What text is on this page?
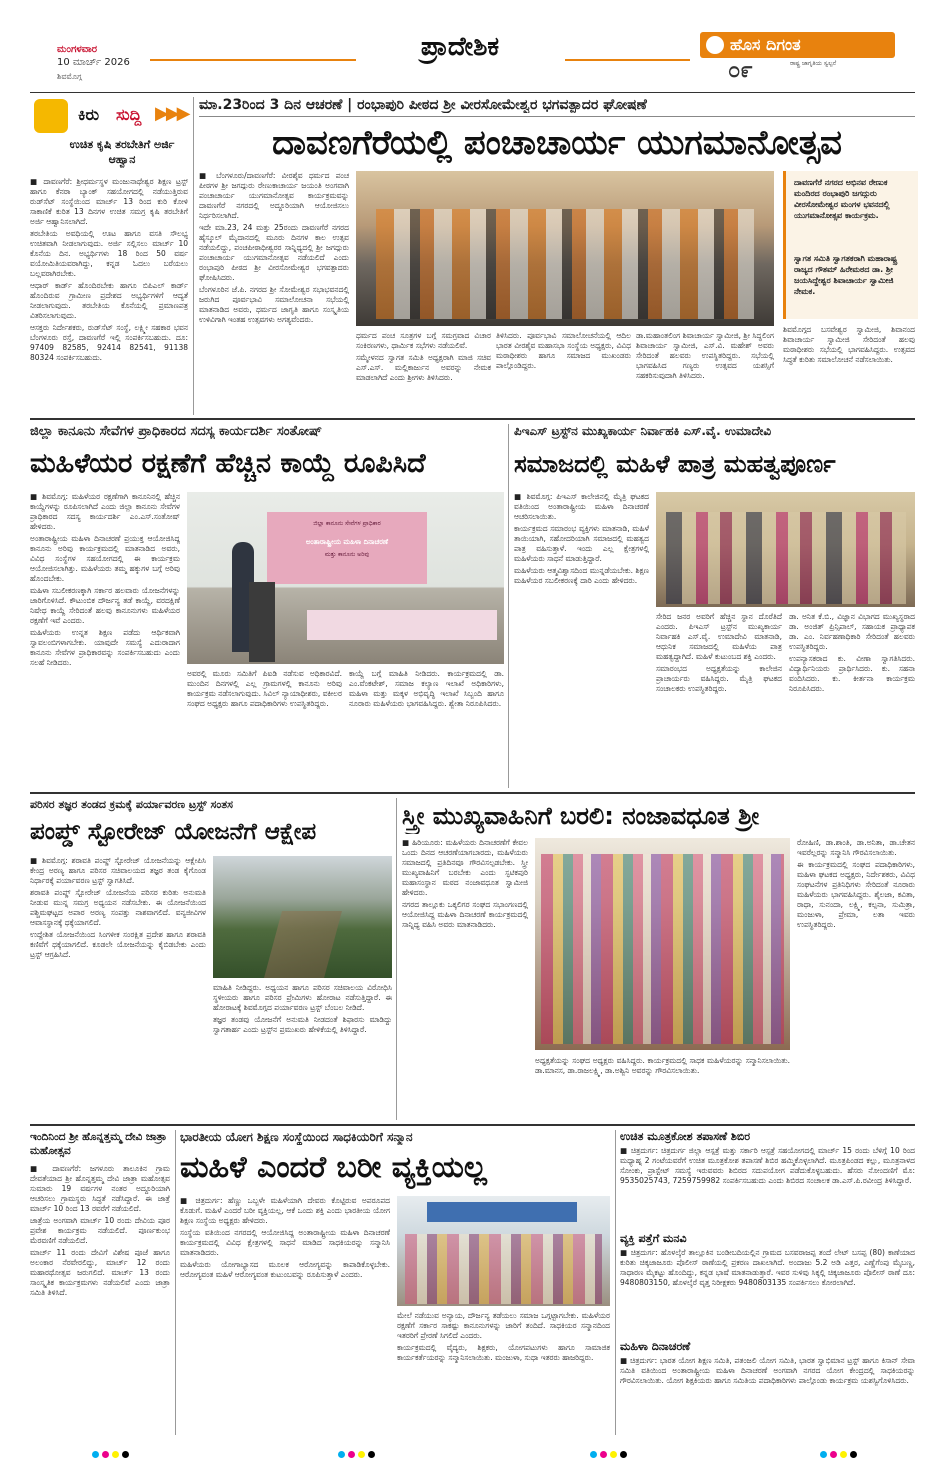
ಮಂಗಳವಾರ
10 ಮಾರ್ಚ್ 2026
ಶಿವಮೊಗ್ಗ
ಪ್ರಾದೇಶಿಕ	ಹೊಸ ದಿಗಂತ
ರಾಷ್ಟ್ರ ಜಾಗೃತಿಯ ಸ್ವಲ್ಪನೆ
೦೯
ಕಿರು ಸುದ್ದಿ ▶▶▶
ಉಚಿತ ಕೃಷಿ ತರಬೇತಿಗೆ ಅರ್ಜಿ ಆಹ್ವಾನ

■ ದಾವಣಗೆರೆ: ಶ್ರೀಧರ್ಮಸ್ಥಳ ಮಂಜುನಾಥೇಶ್ವರ ಶಿಕ್ಷಣ ಟ್ರಸ್ಟ್ ಹಾಗೂ ಕೆನರಾ ಬ್ಯಾಂಕ್ ಸಹಯೋಗದಲ್ಲಿ ನಡೆಯುತ್ತಿರುವ ರುಡ್‌ಸೆಟ್ ಸಂಸ್ಥೆಯಿಂದ ಮಾರ್ಚ್ 13 ರಿಂದ ಕುರಿ ಕೋಳಿ ಸಾಕಾಣಿಕೆ ಕುರಿತ 13 ದಿನಗಳ ಉಚಿತ ಸಮಗ್ರ ಕೃಷಿ ತರಬೇತಿಗೆ ಅರ್ಜಿ ಆಹ್ವಾನಿಸಲಾಗಿದೆ.

ತರಬೇತಿಯ ಅವಧಿಯಲ್ಲಿ ಊಟ ಹಾಗೂ ವಸತಿ ಸೌಲಭ್ಯ ಉಚಿತವಾಗಿ ನೀಡಲಾಗುವುದು. ಅರ್ಜಿ ಸಲ್ಲಿಸಲು ಮಾರ್ಚ್ 10 ಕೊನೆಯ ದಿನ. ಅಭ್ಯರ್ಥಿಗಳು 18 ರಿಂದ 50 ವರ್ಷ ವಯೋಮಿತಿಯವರಾಗಿದ್ದು, ಕನ್ನಡ ಓದಲು ಬರೆಯಲು ಬಲ್ಲವರಾಗಿರಬೇಕು.

ಆಧಾರ್ ಕಾರ್ಡ್ ಹೊಂದಿರಬೇಕು ಹಾಗೂ ಬಿಪಿಎಲ್ ಕಾರ್ಡ್ ಹೊಂದಿರುವ ಗ್ರಾಮೀಣ ಪ್ರದೇಶದ ಅಭ್ಯರ್ಥಿಗಳಿಗೆ ಆದ್ಯತೆ ನೀಡಲಾಗುವುದು. ತರಬೇತಿಯ ಕೊನೆಯಲ್ಲಿ ಪ್ರಮಾಣಪತ್ರ ವಿತರಿಸಲಾಗುವುದು.

ಆಸಕ್ತರು ನಿರ್ದೇಶಕರು, ರುಡ್‌ಸೆಟ್ ಸಂಸ್ಥೆ, ಲಕ್ಷ್ಮೀ ಸಹಕಾರ ಭವನ ಬೆಂಗಳೂರು ರಸ್ತೆ, ದಾವಣಗೆರೆ ಇಲ್ಲಿ ಸಂಪರ್ಕಿಸಬಹುದು. ದೂ: 97409 82585, 92414 82541, 91138 80324 ಸಂಪರ್ಕಿಸಬಹುದು.

ಮಾ.23ರಿಂದ 3 ದಿನ ಆಚರಣೆ | ರಂಭಾಪುರಿ ಪೀಠದ ಶ್ರೀ ವೀರಸೋಮೇಶ್ವರ ಭಗವತ್ಪಾದರ ಘೋಷಣೆ
ದಾವಣಗೆರೆಯಲ್ಲಿ ಪಂಚಾಚಾರ್ಯ ಯುಗಮಾನೋತ್ಸವ

■ ಬೆಂಗಳೂರು/ದಾವಣಗೆರೆ: ವೀರಶೈವ ಧರ್ಮದ ಪಂಚ ಪೀಠಗಳ ಶ್ರೀ ಜಗದ್ಗುರು ರೇಣುಕಾಚಾರ್ಯ ಜಯಂತಿ ಅಂಗವಾಗಿ ಪಂಚಾಚಾರ್ಯ ಯುಗಮಾನೋತ್ಸವ ಕಾರ್ಯಕ್ರಮವನ್ನು ದಾವಣಗೆರೆ ನಗರದಲ್ಲಿ ಅದ್ದೂರಿಯಾಗಿ ಆಯೋಜಿಸಲು ನಿರ್ಧರಿಸಲಾಗಿದೆ.

ಇದೇ ಮಾ.23, 24 ಮತ್ತು 25ರಂದು ದಾವಣಗೆರೆ ನಗರದ ಹೈಸ್ಕೂಲ್ ಮೈದಾನದಲ್ಲಿ ಮೂರು ದಿನಗಳ ಕಾಲ ಉತ್ಸವ ನಡೆಯಲಿದ್ದು, ಪಂಚಪೀಠಾಧೀಶ್ವರರ ಸಾನ್ನಿಧ್ಯದಲ್ಲಿ ಶ್ರೀ ಜಗದ್ಗುರು ಪಂಚಾಚಾರ್ಯ ಯುಗಮಾನೋತ್ಸವ ನಡೆಯಲಿದೆ ಎಂದು ರಂಭಾಪುರಿ ಪೀಠದ ಶ್ರೀ ವೀರಸೋಮೇಶ್ವರ ಭಗವತ್ಪಾದರು ಘೋಷಿಸಿದರು.

ಬೆಂಗಳೂರಿನ ಜೆ.ಪಿ. ನಗರದ ಶ್ರೀ ಸೋಮೇಶ್ವರ ಸಭಾಭವನದಲ್ಲಿ ಜರುಗಿದ ಪೂರ್ವಭಾವಿ ಸಮಾಲೋಚನಾ ಸಭೆಯಲ್ಲಿ ಮಾತನಾಡಿದ ಅವರು, ಧರ್ಮದ ಜಾಗೃತಿ ಹಾಗೂ ಸಂಸ್ಕೃತಿಯ ಉಳಿವಿಗಾಗಿ ಇಂತಹ ಉತ್ಸವಗಳು ಅಗತ್ಯವೆಂದರು.

ಧರ್ಮದ ಪಂಚ ಸೂತ್ರಗಳ ಬಗ್ಗೆ ಸಮಗ್ರವಾದ ವಿಚಾರ ಸಂಕಿರಣಗಳು, ಧಾರ್ಮಿಕ ಸಭೆಗಳು ನಡೆಯಲಿವೆ.

ಸಮ್ಮೇಳನದ ಸ್ವಾಗತ ಸಮಿತಿ ಅಧ್ಯಕ್ಷರಾಗಿ ಮಾಜಿ ಸಚಿವ ಎಸ್.ಎಸ್. ಮಲ್ಲಿಕಾರ್ಜುನ ಅವರನ್ನು ನೇಮಕ ಮಾಡಲಾಗಿದೆ ಎಂದು ಶ್ರೀಗಳು ತಿಳಿಸಿದರು.

ತಿಳಿಸಿದರು. ಪೂರ್ವಭಾವಿ ಸಮಾಲೋಚನೆಯಲ್ಲಿ ಆದಿಲ ಭಾರತ ವೀರಶೈವ ಮಹಾಸಭಾ ಸಂಸ್ಥೆಯ ಅಧ್ಯಕ್ಷರು, ವಿವಿಧ ಮಠಾಧೀಶರು ಹಾಗೂ ಸಮಾಜದ ಮುಖಂಡರು ಪಾಲ್ಗೊಂಡಿದ್ದರು.

ಡಾ.ಮಹಾಂತಲಿಂಗ ಶಿವಾಚಾರ್ಯ ಸ್ವಾಮೀಜಿ, ಶ್ರೀ ಸಿದ್ಧಲಿಂಗ ಶಿವಾಚಾರ್ಯ ಸ್ವಾಮೀಜಿ, ಎಸ್.ವಿ. ಮಹೇಶ್ ಅವರು ಸೇರಿದಂತೆ ಹಲವರು ಉಪಸ್ಥಿತರಿದ್ದರು. ಸಭೆಯಲ್ಲಿ ಭಾಗವಹಿಸಿದ ಗಣ್ಯರು ಉತ್ಸವದ ಯಶಸ್ಸಿಗೆ ಸಹಕರಿಸುವುದಾಗಿ ತಿಳಿಸಿದರು.

ದಾವಣಗೆರೆ ನಗರದ ಅಭಿನವ ರೇಣುಕ ಮಂದಿರದ ರಂಭಾಪುರಿ ಜಗದ್ಗುರು ವೀರಸೋಮೇಶ್ವರ ಮಂಗಳ ಭವನದಲ್ಲಿ ಯುಗಮಾನೋತ್ಸವ ಕಾರ್ಯಕ್ರಮ.
ಸ್ವಾಗತ ಸಮಿತಿ ಸ್ವಾಗತಕರಾಗಿ ಮಹಾರಾಷ್ಟ್ರ ರಾಜ್ಯದ ಗೌತಮ್ ಹಿರೇಮಠದ ಡಾ. ಶ್ರೀ ಜಯಸಿದ್ದೇಶ್ವರ ಶಿವಾಚಾರ್ಯ ಸ್ವಾಮೀಜಿ ನೇಮಕ.

ಶಿವಮೊಗ್ಗದ ಬಸವೇಶ್ವರ ಸ್ವಾಮೀಜಿ, ಶಿವಾನಂದ ಶಿವಾಚಾರ್ಯ ಸ್ವಾಮೀಜಿ ಸೇರಿದಂತೆ ಹಲವು ಮಠಾಧೀಶರು ಸಭೆಯಲ್ಲಿ ಭಾಗವಹಿಸಿದ್ದರು. ಉತ್ಸವದ ಸಿದ್ಧತೆ ಕುರಿತು ಸಮಾಲೋಚನೆ ನಡೆಸಲಾಯಿತು.

ಜಿಲ್ಲಾ ಕಾನೂನು ಸೇವೆಗಳ ಪ್ರಾಧಿಕಾರದ ಸದಸ್ಯ ಕಾರ್ಯದರ್ಶಿ ಸಂತೋಷ್
ಮಹಿಳೆಯರ ರಕ್ಷಣೆಗೆ ಹೆಚ್ಚಿನ ಕಾಯ್ದೆ ರೂಪಿಸಿದೆ

■ ಶಿವಮೊಗ್ಗ: ಮಹಿಳೆಯರ ರಕ್ಷಣೆಗಾಗಿ ಕಾನೂನಿನಲ್ಲಿ ಹೆಚ್ಚಿನ ಕಾಯ್ದೆಗಳನ್ನು ರೂಪಿಸಲಾಗಿದೆ ಎಂದು ಜಿಲ್ಲಾ ಕಾನೂನು ಸೇವೆಗಳ ಪ್ರಾಧಿಕಾರದ ಸದಸ್ಯ ಕಾರ್ಯದರ್ಶಿ ಎಂ.ಎಸ್.ಸಂತೋಷ್ ಹೇಳಿದರು.

ಅಂತಾರಾಷ್ಟ್ರೀಯ ಮಹಿಳಾ ದಿನಾಚರಣೆ ಪ್ರಯುಕ್ತ ಆಯೋಜಿಸಿದ್ದ ಕಾನೂನು ಅರಿವು ಕಾರ್ಯಕ್ರಮದಲ್ಲಿ ಮಾತನಾಡಿದ ಅವರು, ವಿವಿಧ ಸಂಸ್ಥೆಗಳ ಸಹಯೋಗದಲ್ಲಿ ಈ ಕಾರ್ಯಕ್ರಮ ಆಯೋಜಿಸಲಾಗಿತ್ತು. ಮಹಿಳೆಯರು ತಮ್ಮ ಹಕ್ಕುಗಳ ಬಗ್ಗೆ ಅರಿವು ಹೊಂದಬೇಕು.

ಮಹಿಳಾ ಸಬಲೀಕರಣಕ್ಕಾಗಿ ಸರ್ಕಾರ ಹಲವಾರು ಯೋಜನೆಗಳನ್ನು ಜಾರಿಗೊಳಿಸಿದೆ. ಕೌಟುಂಬಿಕ ದೌರ್ಜನ್ಯ ತಡೆ ಕಾಯ್ದೆ, ವರದಕ್ಷಿಣೆ ನಿಷೇಧ ಕಾಯ್ದೆ ಸೇರಿದಂತೆ ಹಲವು ಕಾನೂನುಗಳು ಮಹಿಳೆಯರ ರಕ್ಷಣೆಗೆ ಇವೆ ಎಂದರು.

ಮಹಿಳೆಯರು ಉನ್ನತ ಶಿಕ್ಷಣ ಪಡೆದು ಆರ್ಥಿಕವಾಗಿ ಸ್ವಾವಲಂಬಿಗಳಾಗಬೇಕು. ಯಾವುದೇ ಸಮಸ್ಯೆ ಎದುರಾದಾಗ ಕಾನೂನು ಸೇವೆಗಳ ಪ್ರಾಧಿಕಾರವನ್ನು ಸಂಪರ್ಕಿಸಬಹುದು ಎಂದು ಸಲಹೆ ನೀಡಿದರು.

ಜಿಲ್ಲಾ ಕಾನೂನು ಸೇವೆಗಳ ಪ್ರಾಧಿಕಾರ
ಅಂತಾರಾಷ್ಟ್ರೀಯ ಮಹಿಳಾ ದಿನಾಚರಣೆ
ಮತ್ತು ಕಾನೂನು ಅರಿವು

ಅವರಲ್ಲಿ ಮೂರು ಸಮಿತಿಗೆ ಪಿಐಡಿ ನಡೆಸುವ ಅಧಿಕಾರವಿದೆ. ಮುಂದಿನ ದಿನಗಳಲ್ಲಿ ಎಲ್ಲ ಗ್ರಾಮಗಳಲ್ಲಿ ಕಾನೂನು ಅರಿವು ಕಾರ್ಯಕ್ರಮ ನಡೆಸಲಾಗುವುದು. ಸಿವಿಲ್ ನ್ಯಾಯಾಧೀಶರು, ವಕೀಲರ ಸಂಘದ ಅಧ್ಯಕ್ಷರು ಹಾಗೂ ಪದಾಧಿಕಾರಿಗಳು ಉಪಸ್ಥಿತರಿದ್ದರು.

ಕಾಯ್ದೆ ಬಗ್ಗೆ ಮಾಹಿತಿ ನೀಡಿದರು. ಕಾರ್ಯಕ್ರಮದಲ್ಲಿ ಡಾ. ಎಂ.ವೆಂಕಟೇಶ್, ಸಮಾಜ ಕಲ್ಯಾಣ ಇಲಾಖೆ ಅಧಿಕಾರಿಗಳು, ಮಹಿಳಾ ಮತ್ತು ಮಕ್ಕಳ ಅಭಿವೃದ್ಧಿ ಇಲಾಖೆ ಸಿಬ್ಬಂದಿ ಹಾಗೂ ನೂರಾರು ಮಹಿಳೆಯರು ಭಾಗವಹಿಸಿದ್ದರು. ಶ್ವೇತಾ ನಿರೂಪಿಸಿದರು.

ಪಿಇಎಸ್ ಟ್ರಸ್ಟ್‌ನ ಮುಖ್ಯಕಾರ್ಯ ನಿರ್ವಾಹಕಿ ಎಸ್.ವೈ. ಉಮಾದೇವಿ
ಸಮಾಜದಲ್ಲಿ ಮಹಿಳೆ ಪಾತ್ರ ಮಹತ್ವಪೂರ್ಣ

■ ಶಿವಮೊಗ್ಗ: ಪಿಇಎಸ್ ಕಾಲೇಜಿನಲ್ಲಿ ಮೈತ್ರಿ ಘಟಕದ ವತಿಯಿಂದ ಅಂತಾರಾಷ್ಟ್ರೀಯ ಮಹಿಳಾ ದಿನಾಚರಣೆ ಆಚರಿಸಲಾಯಿತು.

ಕಾರ್ಯಕ್ರಮದ ಸಮಾರಂಭ ವ್ಯಕ್ತಿಗಳು ಮಾತನಾಡಿ, ಮಹಿಳೆ ತಾಯಿಯಾಗಿ, ಸಹೋದರಿಯಾಗಿ ಸಮಾಜದಲ್ಲಿ ಮಹತ್ವದ ಪಾತ್ರ ವಹಿಸುತ್ತಾಳೆ. ಇಂದು ಎಲ್ಲ ಕ್ಷೇತ್ರಗಳಲ್ಲಿ ಮಹಿಳೆಯರು ಸಾಧನೆ ಮಾಡುತ್ತಿದ್ದಾರೆ.

ಮಹಿಳೆಯರು ಆತ್ಮವಿಶ್ವಾಸದಿಂದ ಮುನ್ನಡೆಯಬೇಕು. ಶಿಕ್ಷಣ ಮಹಿಳೆಯರ ಸಬಲೀಕರಣಕ್ಕೆ ದಾರಿ ಎಂದು ಹೇಳಿದರು.

ಸೇರಿದ ಜನರ ಅವರಿಗೆ ಹೆಚ್ಚಿನ ಸ್ಥಾನ ದೊರೆತಿದೆ ಎಂದರು. ಪಿಇಎಸ್ ಟ್ರಸ್ಟ್‌ನ ಮುಖ್ಯಕಾರ್ಯ ನಿರ್ವಾಹಕಿ ಎಸ್.ವೈ. ಉಮಾದೇವಿ ಮಾತನಾಡಿ, ಆಧುನಿಕ ಸಮಾಜದಲ್ಲಿ ಮಹಿಳೆಯ ಪಾತ್ರ ಮಹತ್ವದ್ದಾಗಿದೆ. ಮಹಿಳೆ ಕುಟುಂಬದ ಶಕ್ತಿ ಎಂದರು.

ಸಮಾರಂಭದ ಅಧ್ಯಕ್ಷತೆಯನ್ನು ಕಾಲೇಜಿನ ಪ್ರಾಚಾರ್ಯರು ವಹಿಸಿದ್ದರು. ಮೈತ್ರಿ ಘಟಕದ ಸಂಚಾಲಕರು ಉಪಸ್ಥಿತರಿದ್ದರು.

ಡಾ. ಅನಿತ ಕೆ.ಬಿ., ವಿಜ್ಞಾನ ವಿಭಾಗದ ಮುಖ್ಯಸ್ಥರಾದ ಡಾ. ಅಂಜಿತ್ ಪ್ರಿನ್ಸಿಪಾಲ್, ಸಹಾಯಕ ಪ್ರಾಧ್ಯಾಪಕ ಡಾ. ಎಂ. ನಿರ್ವಹಣಾಧಿಕಾರಿ ಸೇರಿದಂತೆ ಹಲವರು ಉಪಸ್ಥಿತರಿದ್ದರು.

ಉಪನ್ಯಾಸಕರಾದ ಕು. ವೀಣಾ ಸ್ವಾಗತಿಸಿದರು. ವಿದ್ಯಾರ್ಥಿನಿಯರು ಪ್ರಾರ್ಥಿಸಿದರು. ಕು. ಸಹನಾ ವಂದಿಸಿದರು. ಕು. ಕೀರ್ತನಾ ಕಾರ್ಯಕ್ರಮ ನಿರೂಪಿಸಿದರು.

ಪರಿಸರ ತಜ್ಞರ ತಂಡದ ಕ್ರಮಕ್ಕೆ ಪರ್ಯಾವರಣ ಟ್ರಸ್ಟ್ ಸಂತಸ
ಪಂಪ್ಡ್ ಸ್ಟೋರೇಜ್ ಯೋಜನೆಗೆ ಆಕ್ಷೇಪ

■ ಶಿವಮೊಗ್ಗ: ಶರಾವತಿ ಪಂಪ್ಡ್ ಸ್ಟೋರೇಜ್ ಯೋಜನೆಯನ್ನು ಆಕ್ಷೇಪಿಸಿ ಕೇಂದ್ರ ಅರಣ್ಯ ಹಾಗೂ ಪರಿಸರ ಸಚಿವಾಲಯದ ತಜ್ಞರ ತಂಡ ಕೈಗೊಂಡ ನಿರ್ಧಾರಕ್ಕೆ ಪರ್ಯಾವರಣ ಟ್ರಸ್ಟ್ ಸ್ವಾಗತಿಸಿದೆ.

ಶರಾವತಿ ಪಂಪ್ಡ್ ಸ್ಟೋರೇಜ್ ಯೋಜನೆಯ ಪರಿಸರ ಕುರಿತು ಅನುಮತಿ ನೀಡುವ ಮುನ್ನ ಸಮಗ್ರ ಅಧ್ಯಯನ ನಡೆಸಬೇಕು. ಈ ಯೋಜನೆಯಿಂದ ಪಶ್ಚಿಮಘಟ್ಟದ ಅಪಾರ ಅರಣ್ಯ ಸಂಪತ್ತು ನಾಶವಾಗಲಿದೆ. ವನ್ಯಜೀವಿಗಳ ಆವಾಸಸ್ಥಾನಕ್ಕೆ ಧಕ್ಕೆಯಾಗಲಿದೆ.

ಉದ್ದೇಶಿತ ಯೋಜನೆಯಿಂದ ಸಿಂಗಳೀಕ ಸಂರಕ್ಷಿತ ಪ್ರದೇಶ ಹಾಗೂ ಶರಾವತಿ ಕಣಿವೆಗೆ ಧಕ್ಕೆಯಾಗಲಿದೆ. ಕೂಡಲೇ ಯೋಜನೆಯನ್ನು ಕೈಬಿಡಬೇಕು ಎಂದು ಟ್ರಸ್ಟ್ ಆಗ್ರಹಿಸಿದೆ.

ಮಾಹಿತಿ ನೀಡಿದ್ದರು. ಅಧ್ಯಯನ ಹಾಗೂ ಪರಿಸರ ಸಚಿವಾಲಯ ವಿರೋಧಿಸಿ ಸ್ಥಳೀಯರು ಹಾಗೂ ಪರಿಸರ ಪ್ರೇಮಿಗಳು ಹೋರಾಟ ನಡೆಸುತ್ತಿದ್ದಾರೆ. ಈ ಹೋರಾಟಕ್ಕೆ ಶಿವಮೊಗ್ಗದ ಪರ್ಯಾವರಣ ಟ್ರಸ್ಟ್ ಬೆಂಬಲ ನೀಡಿದೆ.

ತಜ್ಞರ ತಂಡವು ಯೋಜನೆಗೆ ಅನುಮತಿ ನೀಡದಂತೆ ಶಿಫಾರಸು ಮಾಡಿದ್ದು ಸ್ವಾಗತಾರ್ಹ ಎಂದು ಟ್ರಸ್ಟ್‌ನ ಪ್ರಮುಖರು ಹೇಳಿಕೆಯಲ್ಲಿ ತಿಳಿಸಿದ್ದಾರೆ.

ಸ್ತ್ರೀ ಮುಖ್ಯವಾಹಿನಿಗೆ ಬರಲಿ: ನಂಜಾವಧೂತ ಶ್ರೀ

■ ಹಿರಿಯೂರು: ಮಹಿಳೆಯರು ದಿನಾಚರಣೆಗೆ ಕೇವಲ ಒಂದು ದಿನದ ಆಚರಣೆಯಾಗಬಾರದು, ಮಹಿಳೆಯರು ಸಮಾಜದಲ್ಲಿ ಪ್ರತಿದಿನವೂ ಗೌರವಿಸಲ್ಪಡಬೇಕು. ಸ್ತ್ರೀ ಮುಖ್ಯವಾಹಿನಿಗೆ ಬರಬೇಕು ಎಂದು ಸ್ಫಟಿಕಪುರಿ ಮಹಾಸಂಸ್ಥಾನ ಮಠದ ನಂಜಾವಧೂತ ಸ್ವಾಮೀಜಿ ಹೇಳಿದರು.

ನಗರದ ತಾಲ್ಲೂಕು ಒಕ್ಕಲಿಗರ ಸಂಘದ ಸಭಾಂಗಣದಲ್ಲಿ ಆಯೋಜಿಸಿದ್ದ ಮಹಿಳಾ ದಿನಾಚರಣೆ ಕಾರ್ಯಕ್ರಮದಲ್ಲಿ ಸಾನ್ನಿಧ್ಯ ವಹಿಸಿ ಅವರು ಮಾತನಾಡಿದರು.

ಅಧ್ಯಕ್ಷತೆಯನ್ನು ಸಂಘದ ಅಧ್ಯಕ್ಷರು ವಹಿಸಿದ್ದರು. ಕಾರ್ಯಕ್ರಮದಲ್ಲಿ ಸಾಧಕ ಮಹಿಳೆಯರನ್ನು ಸನ್ಮಾನಿಸಲಾಯಿತು. ಡಾ.ಮಾನಸ, ಡಾ.ರಾಜಲಕ್ಷ್ಮಿ, ಡಾ.ಅಶ್ವಿನಿ ಅವರನ್ನು ಗೌರವಿಸಲಾಯಿತು.

ರೋಹಿಣಿ, ಡಾ.ಶಾಂತಿ, ಡಾ.ಅನಿತಾ, ಡಾ.ಚೇತನ ಇವರೆಲ್ಲರನ್ನು ಸನ್ಮಾನಿಸಿ ಗೌರವಿಸಲಾಯಿತು.

ಈ ಕಾರ್ಯಕ್ರಮದಲ್ಲಿ ಸಂಘದ ಪದಾಧಿಕಾರಿಗಳು, ಮಹಿಳಾ ಘಟಕದ ಅಧ್ಯಕ್ಷರು, ನಿರ್ದೇಶಕರು, ವಿವಿಧ ಸಂಘಟನೆಗಳ ಪ್ರತಿನಿಧಿಗಳು ಸೇರಿದಂತೆ ನೂರಾರು ಮಹಿಳೆಯರು ಭಾಗವಹಿಸಿದ್ದರು. ಶೈಲಜಾ, ಕವಿತಾ, ರಾಧಾ, ಸುನಂದಾ, ಲಕ್ಷ್ಮಿ, ಕಲ್ಪನಾ, ಸುಮಿತ್ರಾ, ಮಂಜುಳಾ, ಪ್ರೇಮಾ, ಲತಾ ಇವರು ಉಪಸ್ಥಿತರಿದ್ದರು.

ಇಂದಿನಿಂದ ಶ್ರೀ ಹೊನ್ನತ್ತಮ್ಮ ದೇವಿ ಜಾತ್ರಾ ಮಹೋತ್ಸವ

■ ದಾವಣಗೆರೆ: ಜಗಳೂರು ತಾಲೂಕಿನ ಗ್ರಾಮ ದೇವತೆಯಾದ ಶ್ರೀ ಹೊನ್ನತ್ತಮ್ಮ ದೇವಿ ಜಾತ್ರಾ ಮಹೋತ್ಸವ ಸುಮಾರು 19 ವರ್ಷಗಳ ನಂತರ ಅದ್ದೂರಿಯಾಗಿ ಆಚರಿಸಲು ಗ್ರಾಮಸ್ಥರು ಸಿದ್ಧತೆ ನಡೆಸಿದ್ದಾರೆ. ಈ ಜಾತ್ರೆ ಮಾರ್ಚ್ 10 ರಿಂದ 13 ರವರೆಗೆ ನಡೆಯಲಿದೆ.

ಜಾತ್ರೆಯ ಅಂಗವಾಗಿ ಮಾರ್ಚ್ 10 ರಂದು ದೇವಿಯ ಪೂರ ಪ್ರವೇಶ ಕಾರ್ಯಕ್ರಮ ನಡೆಯಲಿದೆ. ಪೂರ್ಣಕುಂಭ ಮೆರವಣಿಗೆ ನಡೆಯಲಿದೆ.

ಮಾರ್ಚ್ 11 ರಂದು ದೇವಿಗೆ ವಿಶೇಷ ಪೂಜೆ ಹಾಗೂ ಅಲಂಕಾರ ನೆರವೇರಲಿದ್ದು, ಮಾರ್ಚ್ 12 ರಂದು ಮಹಾರಥೋತ್ಸವ ಜರುಗಲಿದೆ. ಮಾರ್ಚ್ 13 ರಂದು ಸಾಂಸ್ಕೃತಿಕ ಕಾರ್ಯಕ್ರಮಗಳು ನಡೆಯಲಿವೆ ಎಂದು ಜಾತ್ರಾ ಸಮಿತಿ ತಿಳಿಸಿದೆ.

ಭಾರತೀಯ ಯೋಗ ಶಿಕ್ಷಣ ಸಂಸ್ಥೆಯಿಂದ ಸಾಧಕಿಯರಿಗೆ ಸನ್ಮಾನ
ಮಹಿಳೆ ಎಂದರೆ ಬರೀ ವ್ಯಕ್ತಿಯಲ್ಲ

■ ಚಿತ್ರದುರ್ಗ: ಹೆಣ್ಣು ಒಬ್ಬಳೇ ಮಹಿಳೆಯಾಗಿ ದೇವರು ಕೊಟ್ಟಿರುವ ಅಪರೂಪದ ಕೊಡುಗೆ. ಮಹಿಳೆ ಎಂದರೆ ಬರೀ ವ್ಯಕ್ತಿಯಲ್ಲ, ಆಕೆ ಒಂದು ಶಕ್ತಿ ಎಂದು ಭಾರತೀಯ ಯೋಗ ಶಿಕ್ಷಣ ಸಂಸ್ಥೆಯ ಅಧ್ಯಕ್ಷರು ಹೇಳಿದರು.

ಸಂಸ್ಥೆಯ ವತಿಯಿಂದ ನಗರದಲ್ಲಿ ಆಯೋಜಿಸಿದ್ದ ಅಂತಾರಾಷ್ಟ್ರೀಯ ಮಹಿಳಾ ದಿನಾಚರಣೆ ಕಾರ್ಯಕ್ರಮದಲ್ಲಿ ವಿವಿಧ ಕ್ಷೇತ್ರಗಳಲ್ಲಿ ಸಾಧನೆ ಮಾಡಿದ ಸಾಧಕಿಯರನ್ನು ಸನ್ಮಾನಿಸಿ ಮಾತನಾಡಿದರು.

ಮಹಿಳೆಯರು ಯೋಗಾಭ್ಯಾಸದ ಮೂಲಕ ಆರೋಗ್ಯವನ್ನು ಕಾಪಾಡಿಕೊಳ್ಳಬೇಕು. ಆರೋಗ್ಯವಂತ ಮಹಿಳೆ ಆರೋಗ್ಯವಂತ ಕುಟುಂಬವನ್ನು ರೂಪಿಸುತ್ತಾಳೆ ಎಂದರು.

ಮೇಲೆ ನಡೆಯುವ ಅನ್ಯಾಯ, ದೌರ್ಜನ್ಯ ತಡೆಯಲು ಸಮಾಜ ಒಗ್ಗಟ್ಟಾಗಬೇಕು. ಮಹಿಳೆಯರ ರಕ್ಷಣೆಗೆ ಸರ್ಕಾರ ಸಾಕಷ್ಟು ಕಾನೂನುಗಳನ್ನು ಜಾರಿಗೆ ತಂದಿದೆ. ಸಾಧಕಿಯರ ಸನ್ಮಾನದಿಂದ ಇತರರಿಗೆ ಪ್ರೇರಣೆ ಸಿಗಲಿದೆ ಎಂದರು.

ಕಾರ್ಯಕ್ರಮದಲ್ಲಿ ವೈದ್ಯರು, ಶಿಕ್ಷಕರು, ಯೋಗಪಟುಗಳು ಹಾಗೂ ಸಾಮಾಜಿಕ ಕಾರ್ಯಕರ್ತೆಯರನ್ನು ಸನ್ಮಾನಿಸಲಾಯಿತು. ಮಂಜುಳಾ, ಸುಧಾ ಇತರರು ಹಾಜರಿದ್ದರು.

ಉಚಿತ ಮೂತ್ರಕೋಶ ತಪಾಸಣೆ ಶಿಬಿರ
■ ಚಿತ್ರದುರ್ಗ: ಚಿತ್ರದುರ್ಗ ಜಿಲ್ಲಾ ಆಸ್ಪತ್ರೆ ಮತ್ತು ಸರ್ಕಾರಿ ಆಸ್ಪತ್ರೆ ಸಹಯೋಗದಲ್ಲಿ ಮಾರ್ಚ್ 15 ರಂದು ಬೆಳಿಗ್ಗೆ 10 ರಿಂದ ಮಧ್ಯಾಹ್ನ 2 ಗಂಟೆಯವರೆಗೆ ಉಚಿತ ಮೂತ್ರಕೋಶ ತಪಾಸಣೆ ಶಿಬಿರ ಹಮ್ಮಿಕೊಳ್ಳಲಾಗಿದೆ. ಮೂತ್ರಪಿಂಡದ ಕಲ್ಲು, ಮೂತ್ರನಾಳದ ಸೋಂಕು, ಪ್ರಾಸ್ಟೇಟ್ ಸಮಸ್ಯೆ ಇರುವವರು ಶಿಬಿರದ ಸದುಪಯೋಗ ಪಡೆದುಕೊಳ್ಳಬಹುದು. ಹೆಸರು ನೋಂದಣಿಗೆ ಮೊ: 9535025743, 7259759982 ಸಂಪರ್ಕಿಸಬಹುದು ಎಂದು ಶಿಬಿರದ ಸಂಚಾಲಕ ಡಾ.ಎಸ್.ಪಿ.ರವೀಂದ್ರ ತಿಳಿಸಿದ್ದಾರೆ.
ವ್ಯಕ್ತಿ ಪತ್ತೆಗೆ ಮನವಿ
■ ಚಿತ್ರದುರ್ಗ: ಹೊಳಲ್ಕೆರೆ ತಾಲ್ಲೂಕಿನ ಬಂಡೀಬದಿಯಲ್ಲಿನ ಗ್ರಾಮದ ಬಸವರಾಜಪ್ಪ ತಂದೆ ಲೇಟ್ ಬಸಪ್ಪ (80) ಕಾಣೆಯಾದ ಕುರಿತು ಚಿಕ್ಕಜಾಜೂರು ಪೊಲೀಸ್ ಠಾಣೆಯಲ್ಲಿ ಪ್ರಕರಣ ದಾಖಲಾಗಿದೆ. ಅಂದಾಜು 5.2 ಅಡಿ ಎತ್ತರ, ಎಣ್ಣೆಗೆಂಪು ಮೈಬಣ್ಣ, ಸಾಧಾರಣ ಮೈಕಟ್ಟು ಹೊಂದಿದ್ದು, ಕನ್ನಡ ಭಾಷೆ ಮಾತನಾಡುತ್ತಾರೆ. ಇವರ ಸುಳಿವು ಸಿಕ್ಕಲ್ಲಿ ಚಿಕ್ಕಜಾಜೂರು ಪೊಲೀಸ್ ಠಾಣೆ ದೂ: 9480803150, ಹೊಳಲ್ಕೆರೆ ವೃತ್ತ ನಿರೀಕ್ಷಕರು 9480803135 ಸಂಪರ್ಕಿಸಲು ಕೋರಲಾಗಿದೆ.
ಮಹಿಳಾ ದಿನಾಚರಣೆ
■ ಚಿತ್ರದುರ್ಗ: ಭಾರತ ಯೋಗ ಶಿಕ್ಷಣ ಸಮಿತಿ, ಪತಂಜಲಿ ಯೋಗ ಸಮಿತಿ, ಭಾರತ ಸ್ವಾಭಿಮಾನ ಟ್ರಸ್ಟ್ ಹಾಗೂ ಕಿಸಾನ್ ಸೇವಾ ಸಮಿತಿ ವತಿಯಿಂದ ಅಂತಾರಾಷ್ಟ್ರೀಯ ಮಹಿಳಾ ದಿನಾಚರಣೆ ಅಂಗವಾಗಿ ನಗರದ ಯೋಗ ಕೇಂದ್ರದಲ್ಲಿ ಸಾಧಕಿಯರನ್ನು ಗೌರವಿಸಲಾಯಿತು. ಯೋಗ ಶಿಕ್ಷಕಿಯರು ಹಾಗೂ ಸಮಿತಿಯ ಪದಾಧಿಕಾರಿಗಳು ಪಾಲ್ಗೊಂಡು ಕಾರ್ಯಕ್ರಮ ಯಶಸ್ವಿಗೊಳಿಸಿದರು.
